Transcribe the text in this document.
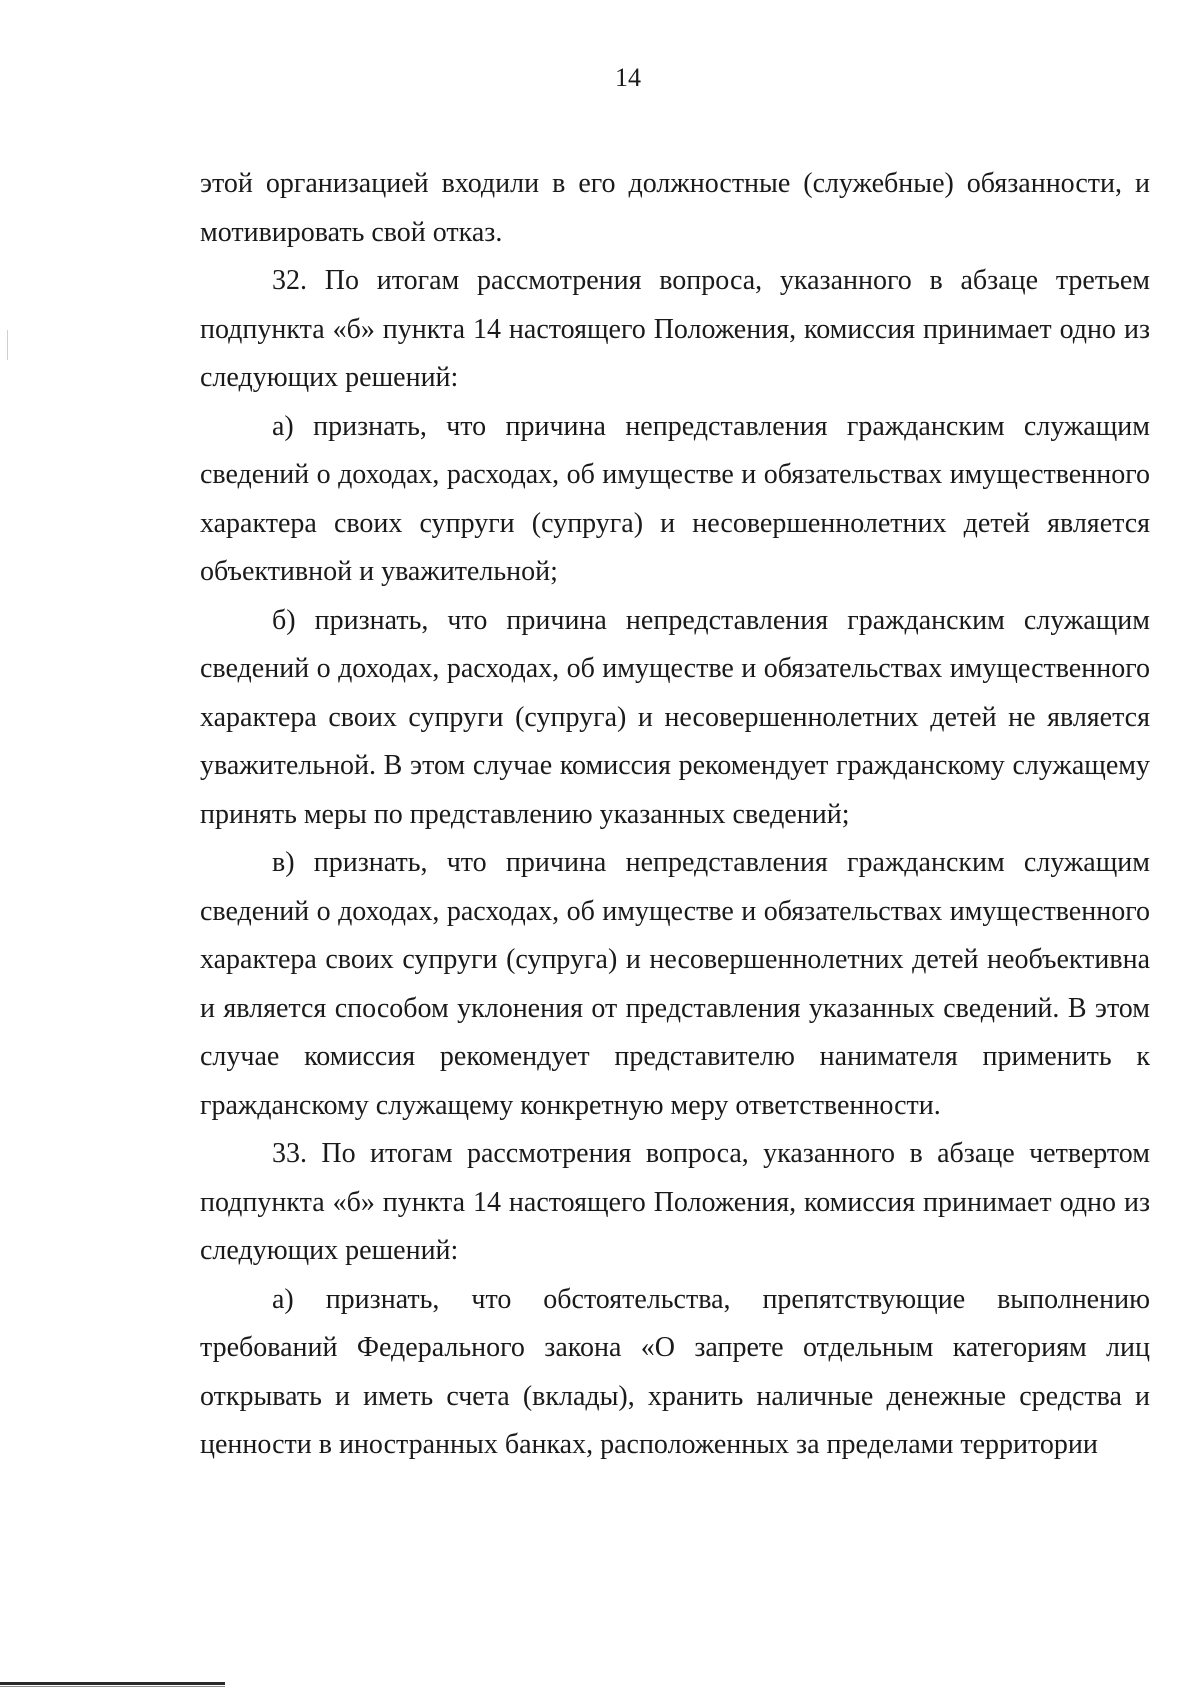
14

этой организацией входили в его должностные (служебные) обязанности, и мотивировать свой отказ.

32. По итогам рассмотрения вопроса, указанного в абзаце третьем подпункта «б» пункта 14 настоящего Положения, комиссия принимает одно из следующих решений:

а) признать, что причина непредставления гражданским служащим сведений о доходах, расходах, об имуществе и обязательствах имущественного характера своих супруги (супруга) и несовершеннолетних детей является объективной и уважительной;

б) признать, что причина непредставления гражданским служащим сведений о доходах, расходах, об имуществе и обязательствах имущественного характера своих супруги (супруга) и несовершеннолетних детей не является уважительной. В этом случае комиссия рекомендует гражданскому служащему принять меры по представлению указанных сведений;

в) признать, что причина непредставления гражданским служащим сведений о доходах, расходах, об имуществе и обязательствах имущественного характера своих супруги (супруга) и несовершеннолетних детей необъективна и является способом уклонения от представления указанных сведений. В этом случае комиссия рекомендует представителю нанимателя применить к гражданскому служащему конкретную меру ответственности.

33. По итогам рассмотрения вопроса, указанного в абзаце четвертом подпункта «б» пункта 14 настоящего Положения, комиссия принимает одно из следующих решений:

а) признать, что обстоятельства, препятствующие выполнению требований Федерального закона «О запрете отдельным категориям лиц открывать и иметь счета (вклады), хранить наличные денежные средства и ценности в иностранных банках, расположенных за пределами территории
